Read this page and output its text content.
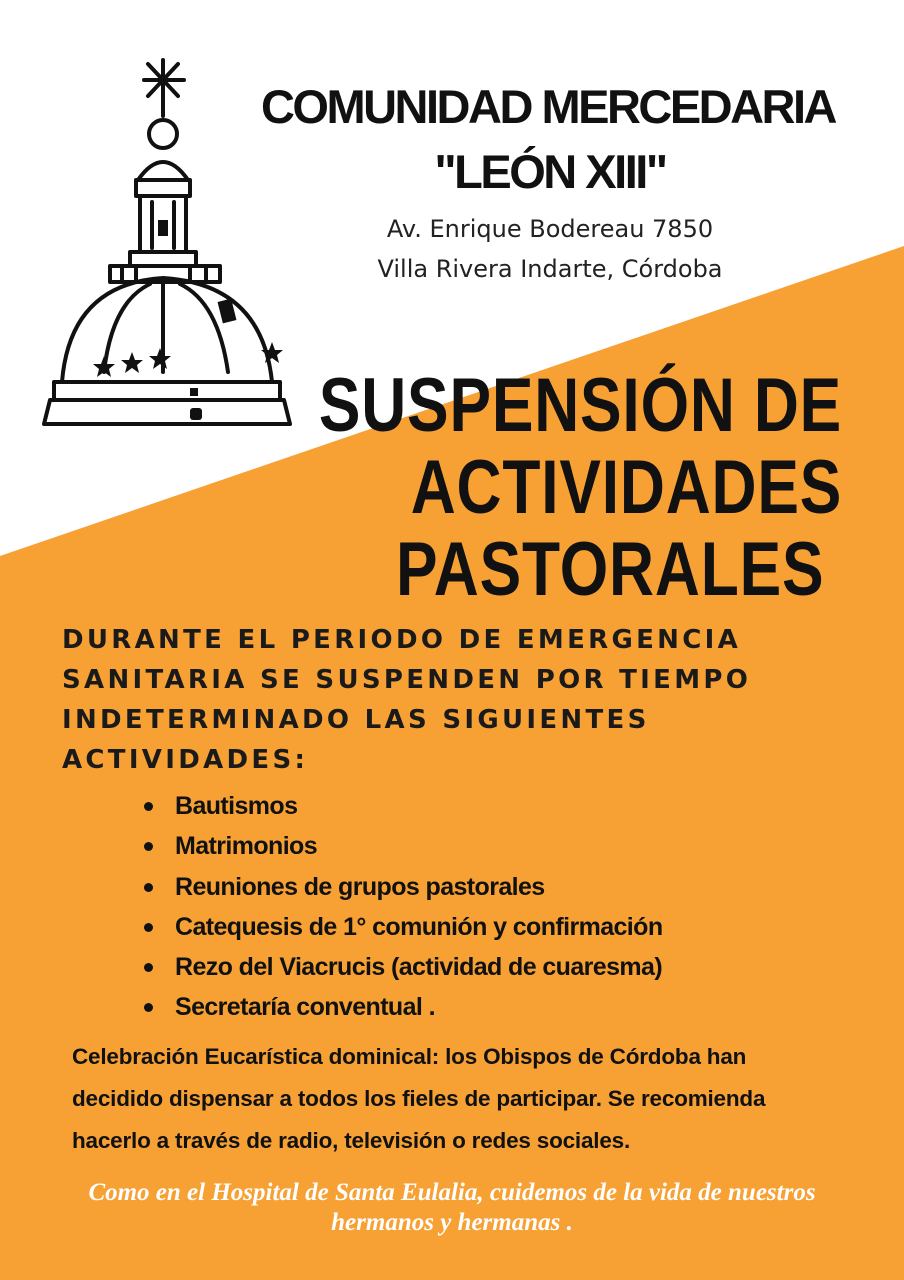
COMUNIDAD MERCEDARIA
"LEÓN XIII"
Av. Enrique Bodereau 7850
Villa Rivera Indarte, Córdoba
SUSPENSIÓN DE
ACTIVIDADES
PASTORALES
DURANTE EL PERIODO DE EMERGENCIA
SANITARIA SE SUSPENDEN POR TIEMPO
INDETERMINADO LAS SIGUIENTES
ACTIVIDADES:
Bautismos
Matrimonios
Reuniones de grupos pastorales
Catequesis de 1° comunión y confirmación
Rezo del Viacrucis (actividad de cuaresma)
Secretaría conventual .
Celebración Eucarística dominical: los Obispos de Córdoba han
decidido dispensar a todos los fieles de participar. Se recomienda
hacerlo a través de radio, televisión o redes sociales.
Como en el Hospital de Santa Eulalia, cuidemos de la vida de nuestros
hermanos y hermanas .
